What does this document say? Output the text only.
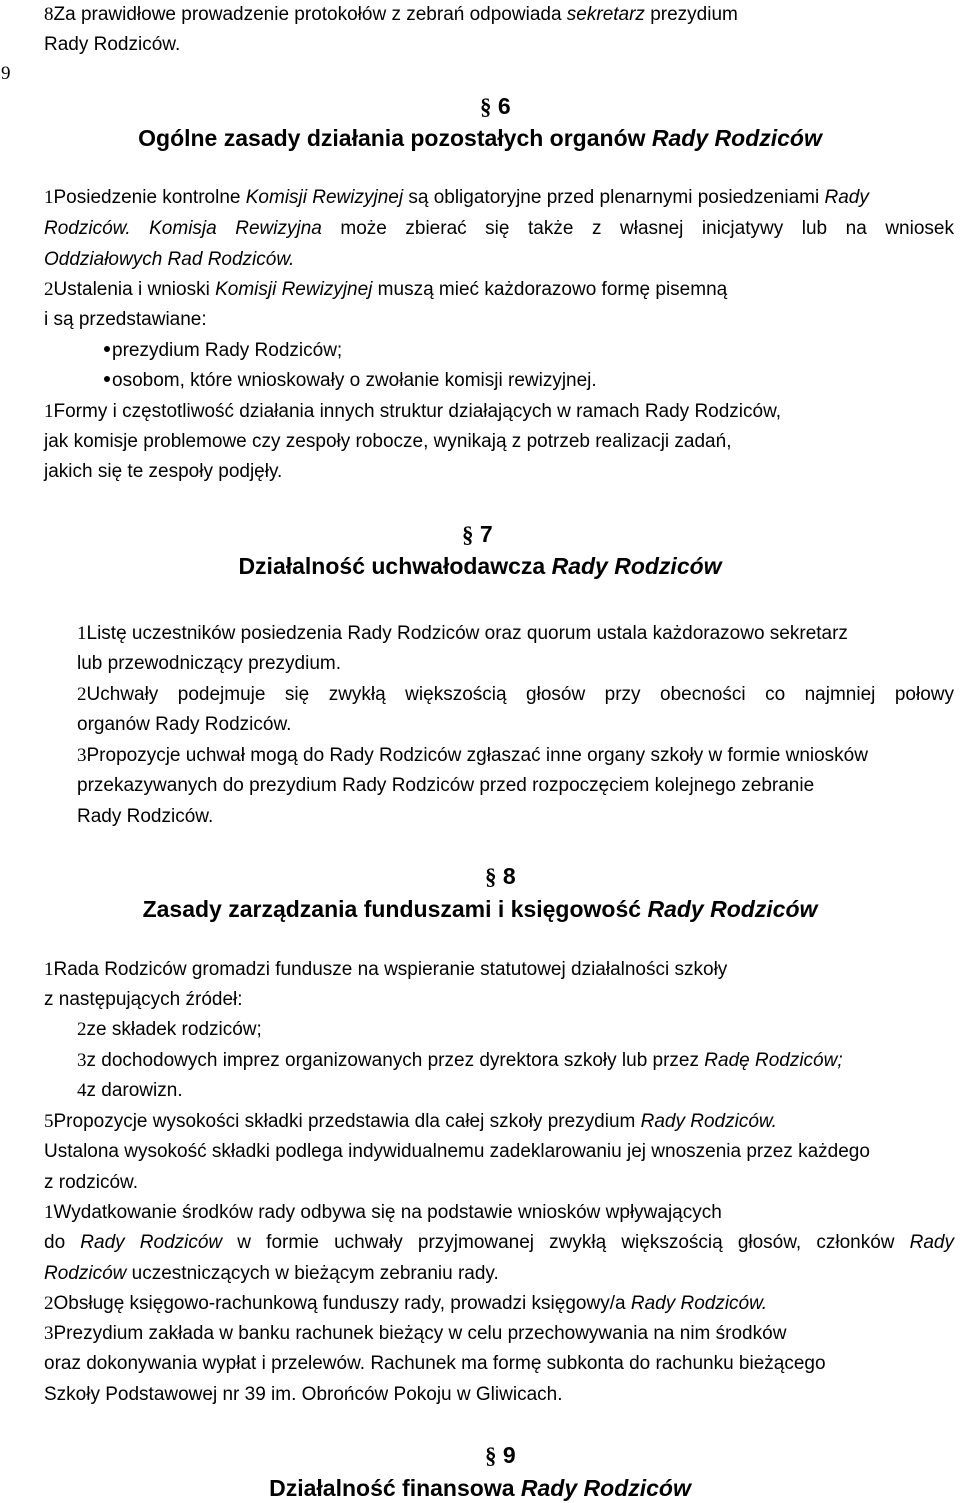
9
8Za prawidłowe prowadzenie protokołów z zebrań odpowiada sekretarz prezydium
Rady Rodziców.
§ 6
Ogólne zasady działania pozostałych organów Rady Rodziców
1Posiedzenie kontrolne Komisji Rewizyjnej są obligatoryjne przed plenarnymi posiedzeniami Rady
Rodziców. Komisja Rewizyjna może zbierać się także z własnej inicjatywy lub na wniosek
Oddziałowych Rad Rodziców.
2Ustalenia i wnioski Komisji Rewizyjnej muszą mieć każdorazowo formę pisemną
i są przedstawiane:
prezydium Rady Rodziców;
osobom, które wnioskowały o zwołanie komisji rewizyjnej.
1Formy i częstotliwość działania innych struktur działających w ramach Rady Rodziców,
jak komisje problemowe czy zespoły robocze, wynikają z potrzeb realizacji zadań,
jakich się te zespoły podjęły.
§ 7
Działalność uchwałodawcza Rady Rodziców
1Listę uczestników posiedzenia Rady Rodziców oraz quorum ustala każdorazowo sekretarz
lub przewodniczący prezydium.
2Uchwały podejmuje się zwykłą większością głosów przy obecności co najmniej połowy
organów Rady Rodziców.
3Propozycje uchwał mogą do Rady Rodziców zgłaszać inne organy szkoły w formie wniosków
przekazywanych do prezydium Rady Rodziców przed rozpoczęciem kolejnego zebranie
Rady Rodziców.
§ 8
Zasady zarządzania funduszami i księgowość Rady Rodziców
1Rada Rodziców gromadzi fundusze na wspieranie statutowej działalności szkoły
z następujących źródeł:
2ze składek rodziców;
3z dochodowych imprez organizowanych przez dyrektora szkoły lub przez Radę Rodziców;
4z darowizn.
5Propozycje wysokości składki przedstawia dla całej szkoły prezydium Rady Rodziców.
Ustalona wysokość składki podlega indywidualnemu zadeklarowaniu jej wnoszenia przez każdego
z rodziców.
1Wydatkowanie środków rady odbywa się na podstawie wniosków wpływających
do Rady Rodziców w formie uchwały przyjmowanej zwykłą większością głosów, członków Rady
Rodziców uczestniczących w bieżącym zebraniu rady.
2Obsługę księgowo-rachunkową funduszy rady, prowadzi księgowy/a Rady Rodziców.
3Prezydium zakłada w banku rachunek bieżący w celu przechowywania na nim środków
oraz dokonywania wypłat i przelewów. Rachunek ma formę subkonta do rachunku bieżącego
Szkoły Podstawowej nr 39 im. Obrońców Pokoju w Gliwicach.
§ 9
Działalność finansowa Rady Rodziców
